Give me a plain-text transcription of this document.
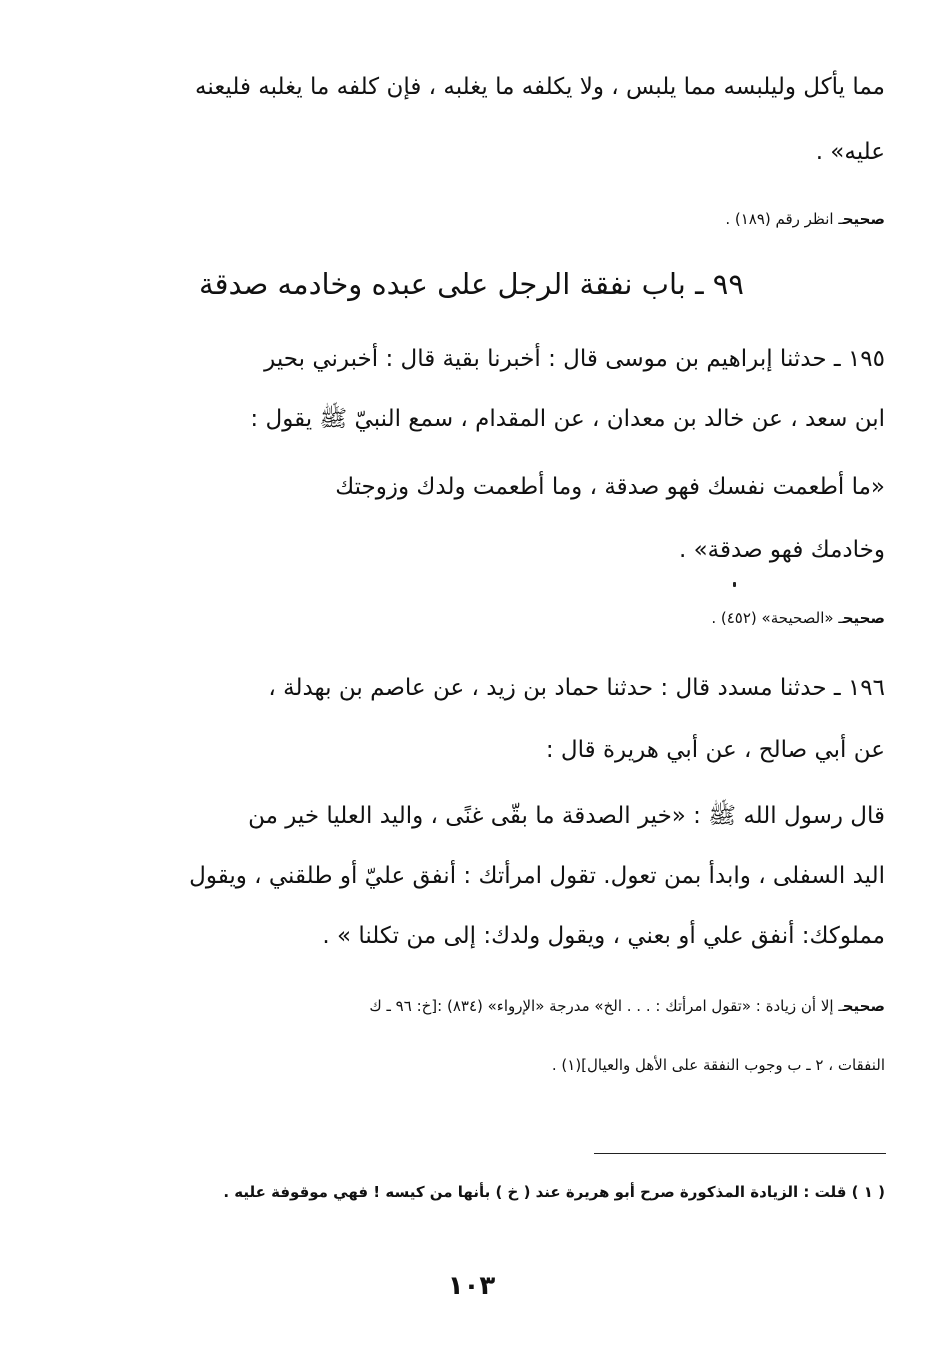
مما يأكل وليلبسه مما يلبس ، ولا يكلفه ما يغلبه ، فإن كلفه ما يغلبه فليعنه
عليه» .
صحيحـ انظر رقم (١٨٩) .
٩٩ ـ باب نفقة الرجل على عبده وخادمه صدقة
١٩٥ ـ حدثنا إبراهيم بن موسى قال : أخبرنا بقية قال : أخبرني بحير
ابن سعد ، عن خالد بن معدان ، عن المقدام ، سمع النبيّ ﷺ يقول :
«ما أطعمت نفسك فهو صدقة ، وما أطعمت ولدك وزوجتك
وخادمك فهو صدقة» .
صحيحـ «الصحيحة» (٤٥٢) .
١٩٦ ـ حدثنا مسدد قال : حدثنا حماد بن زيد ، عن عاصم بن بهدلة ،
عن أبي صالح ، عن أبي هريرة قال :
قال رسول الله ﷺ : «خير الصدقة ما بقّى غنًى ، واليد العليا خير من
اليد السفلى ، وابدأ بمن تعول. تقول امرأتك : أنفق عليّ أو طلقني ، ويقول
مملوكك: أنفق علي أو بعني ، ويقول ولدك: إلى من تكلنا » .
صحيحـ إلا أن زيادة : «تقول امرأتك : . . . الخ» مدرجة «الإرواء» (٨٣٤) :[خ: ٩٦ ـ ك
النفقات ، ٢ ـ ب وجوب النفقة على الأهل والعيال](١) .
( ١ ) قلت : الزيادة المذكورة صرح أبو هريرة عند ( خ ) بأنها من كيسه ! فهي موقوفة عليه .
١٠٣
